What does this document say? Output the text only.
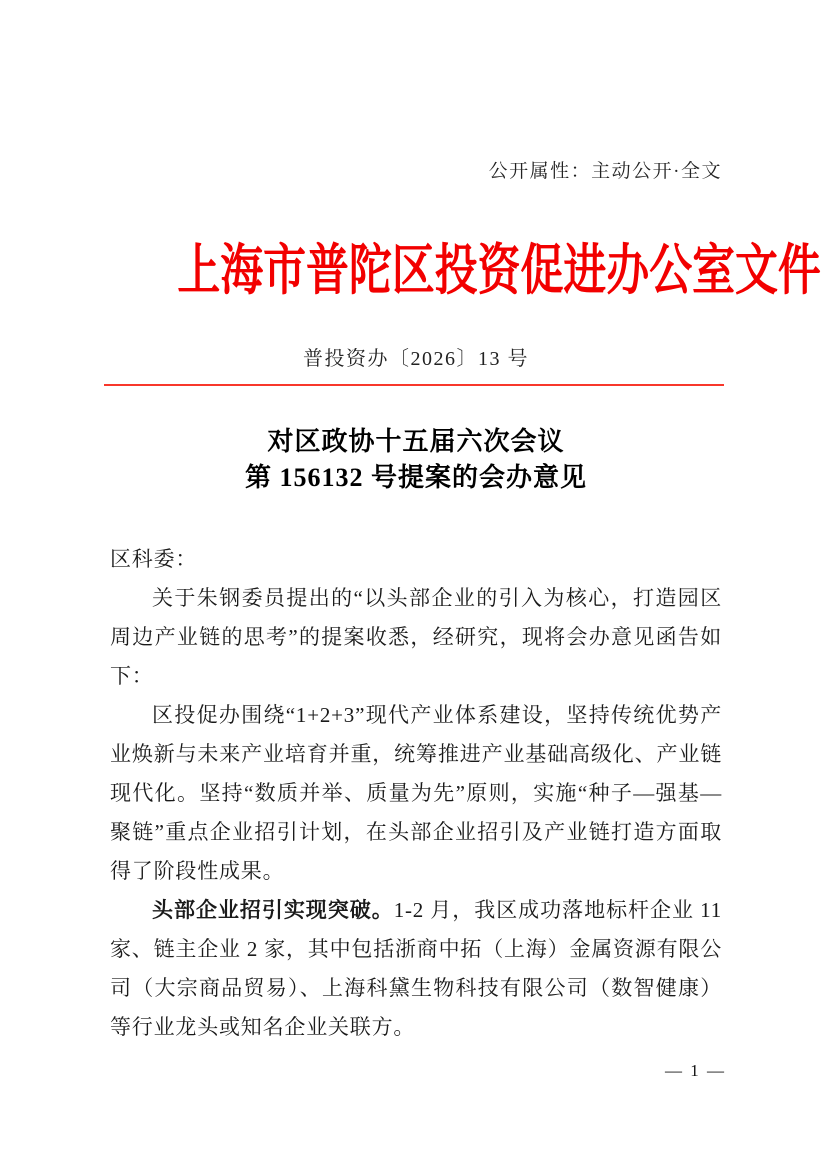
公开属性：主动公开·全文
上海市普陀区投资促进办公室文件
普投资办〔2026〕13 号
对区政协十五届六次会议
第 156132 号提案的会办意见

区科委：

关于朱钢委员提出的“以头部企业的引入为核心，打造园区周边产业链的思考”的提案收悉，经研究，现将会办意见函告如下：

区投促办围绕“1+2+3”现代产业体系建设，坚持传统优势产业焕新与未来产业培育并重，统筹推进产业基础高级化、产业链现代化。坚持“数质并举、质量为先”原则，实施“种子—强基—聚链”重点企业招引计划，在头部企业招引及产业链打造方面取得了阶段性成果。

头部企业招引实现突破。1-2 月，我区成功落地标杆企业 11 家、链主企业 2 家，其中包括浙商中拓（上海）金属资源有限公司（大宗商品贸易）、上海科黛生物科技有限公司（数智健康）等行业龙头或知名企业关联方。

— 1 —
